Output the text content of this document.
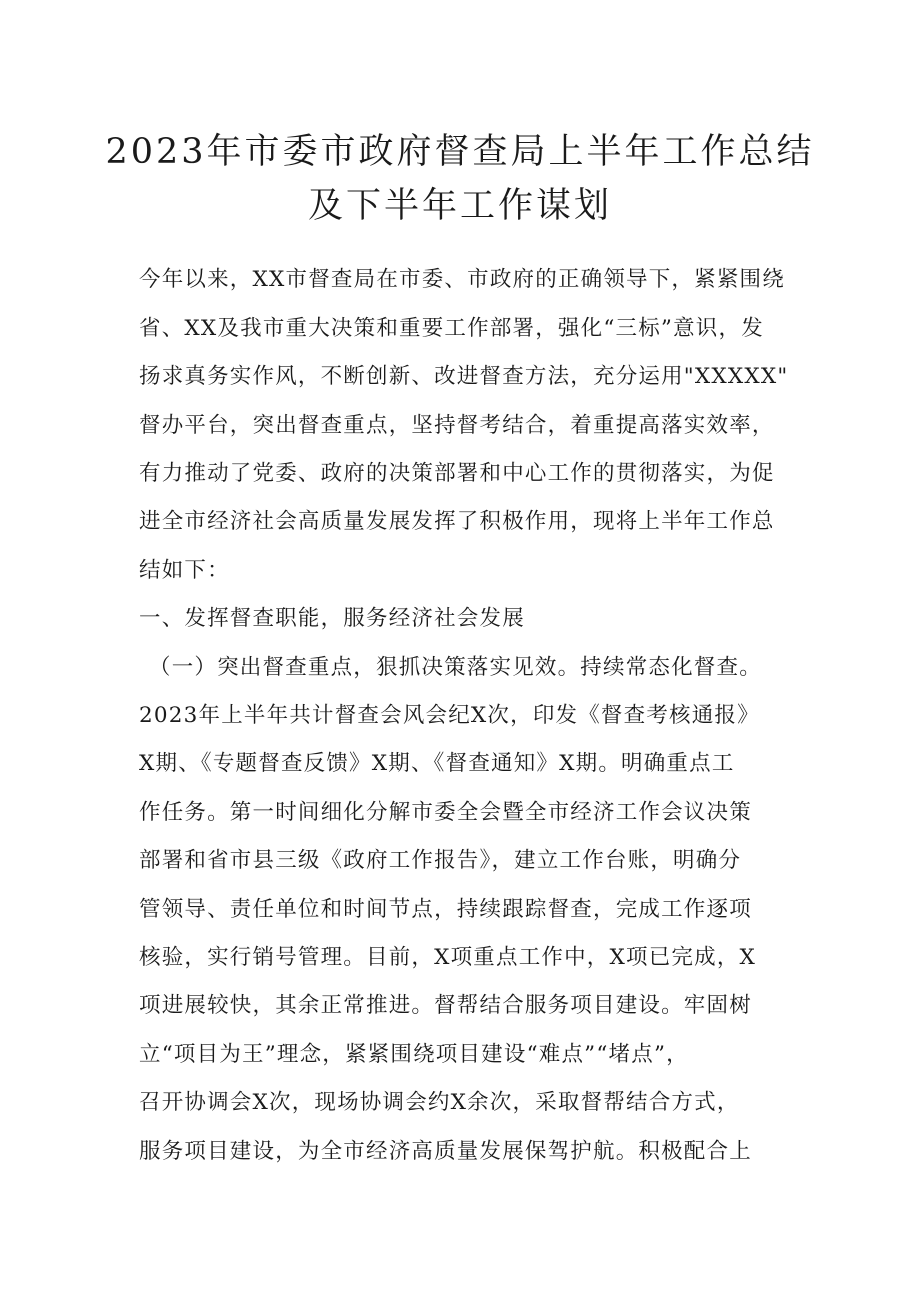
2023年市委市政府督查局上半年工作总结
及下半年工作谋划

今年以来，XX市督查局在市委、市政府的正确领导下，紧紧围绕

省、XX及我市重大决策和重要工作部署，强化“三标”意识，发

扬求真务实作风，不断创新、改进督查方法，充分运用"XXXXX"

督办平台，突出督查重点，坚持督考结合，着重提高落实效率，

有力推动了党委、政府的决策部署和中心工作的贯彻落实，为促

进全市经济社会高质量发展发挥了积极作用，现将上半年工作总

结如下：

一、发挥督查职能，服务经济社会发展

（一）突出督查重点，狠抓决策落实见效。持续常态化督查。

2023年上半年共计督查会风会纪X次，印发《督查考核通报》

X期、《专题督查反馈》X期、《督查通知》X期。明确重点工

作任务。第一时间细化分解市委全会暨全市经济工作会议决策

部署和省市县三级《政府工作报告》，建立工作台账，明确分

管领导、责任单位和时间节点，持续跟踪督查，完成工作逐项

核验，实行销号管理。目前，X项重点工作中，X项已完成，X

项进展较快，其余正常推进。督帮结合服务项目建设。牢固树

立“项目为王”理念，紧紧围绕项目建设“难点”“堵点”，

召开协调会X次，现场协调会约X余次，采取督帮结合方式，

服务项目建设，为全市经济高质量发展保驾护航。积极配合上
